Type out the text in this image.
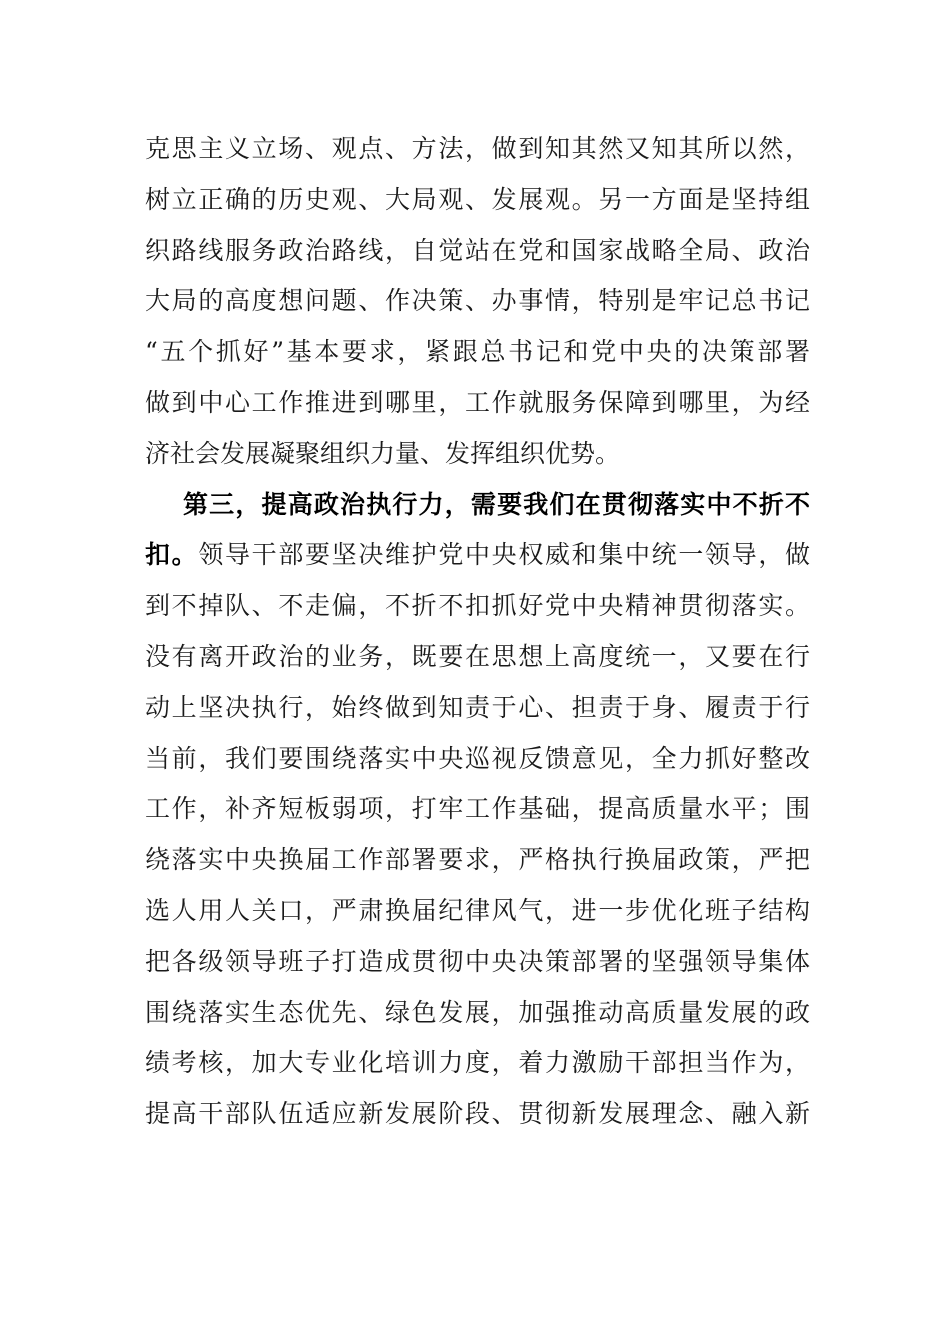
克思主义立场、观点、方法，做到知其然又知其所以然，
树立正确的历史观、大局观、发展观。另一方面是坚持组
织路线服务政治路线，自觉站在党和国家战略全局、政治
大局的高度想问题、作决策、办事情，特别是牢记总书记
“五个抓好”基本要求，紧跟总书记和党中央的决策部署
做到中心工作推进到哪里，工作就服务保障到哪里，为经
济社会发展凝聚组织力量、发挥组织优势。
第三，提高政治执行力，需要我们在贯彻落实中不折不
扣。领导干部要坚决维护党中央权威和集中统一领导，做
到不掉队、不走偏，不折不扣抓好党中央精神贯彻落实。
没有离开政治的业务，既要在思想上高度统一，又要在行
动上坚决执行，始终做到知责于心、担责于身、履责于行
当前，我们要围绕落实中央巡视反馈意见，全力抓好整改
工作，补齐短板弱项，打牢工作基础，提高质量水平；围
绕落实中央换届工作部署要求，严格执行换届政策，严把
选人用人关口，严肃换届纪律风气，进一步优化班子结构
把各级领导班子打造成贯彻中央决策部署的坚强领导集体
围绕落实生态优先、绿色发展，加强推动高质量发展的政
绩考核，加大专业化培训力度，着力激励干部担当作为，
提高干部队伍适应新发展阶段、贯彻新发展理念、融入新
